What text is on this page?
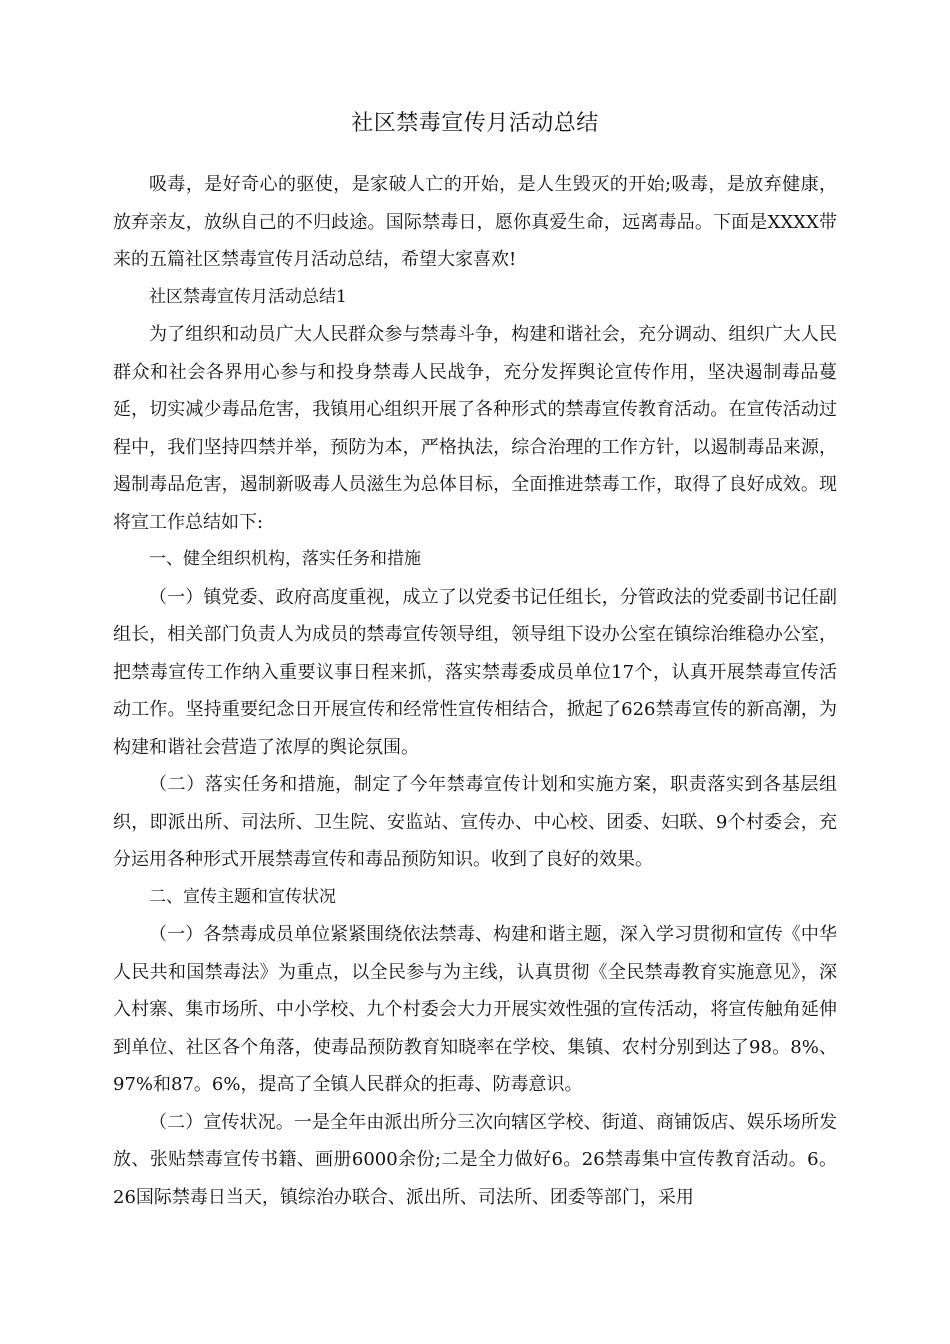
社区禁毒宣传月活动总结

吸毒，是好奇心的驱使，是家破人亡的开始，是人生毁灭的开始;吸毒，是放弃健康，放弃亲友，放纵自己的不归歧途。国际禁毒日，愿你真爱生命，远离毒品。下面是XXXX带来的五篇社区禁毒宣传月活动总结，希望大家喜欢!

社区禁毒宣传月活动总结1

为了组织和动员广大人民群众参与禁毒斗争，构建和谐社会，充分调动、组织广大人民群众和社会各界用心参与和投身禁毒人民战争，充分发挥舆论宣传作用，坚决遏制毒品蔓延，切实减少毒品危害，我镇用心组织开展了各种形式的禁毒宣传教育活动。在宣传活动过程中，我们坚持四禁并举，预防为本，严格执法，综合治理的工作方针，以遏制毒品来源，遏制毒品危害，遏制新吸毒人员滋生为总体目标，全面推进禁毒工作，取得了良好成效。现将宣工作总结如下:

一、健全组织机构，落实任务和措施

（一）镇党委、政府高度重视，成立了以党委书记任组长，分管政法的党委副书记任副组长，相关部门负责人为成员的禁毒宣传领导组，领导组下设办公室在镇综治维稳办公室，把禁毒宣传工作纳入重要议事日程来抓，落实禁毒委成员单位17个，认真开展禁毒宣传活动工作。坚持重要纪念日开展宣传和经常性宣传相结合，掀起了626禁毒宣传的新高潮，为构建和谐社会营造了浓厚的舆论氛围。

（二）落实任务和措施，制定了今年禁毒宣传计划和实施方案，职责落实到各基层组织，即派出所、司法所、卫生院、安监站、宣传办、中心校、团委、妇联、9个村委会，充分运用各种形式开展禁毒宣传和毒品预防知识。收到了良好的效果。

二、宣传主题和宣传状况

（一）各禁毒成员单位紧紧围绕依法禁毒、构建和谐主题，深入学习贯彻和宣传《中华人民共和国禁毒法》为重点，以全民参与为主线，认真贯彻《全民禁毒教育实施意见》，深入村寨、集市场所、中小学校、九个村委会大力开展实效性强的宣传活动，将宣传触角延伸到单位、社区各个角落，使毒品预防教育知晓率在学校、集镇、农村分别到达了98。8%、97%和87。6%，提高了全镇人民群众的拒毒、防毒意识。

（二）宣传状况。一是全年由派出所分三次向辖区学校、街道、商铺饭店、娱乐场所发放、张贴禁毒宣传书籍、画册6000余份;二是全力做好6。26禁毒集中宣传教育活动。6。26国际禁毒日当天，镇综治办联合、派出所、司法所、团委等部门，采用
